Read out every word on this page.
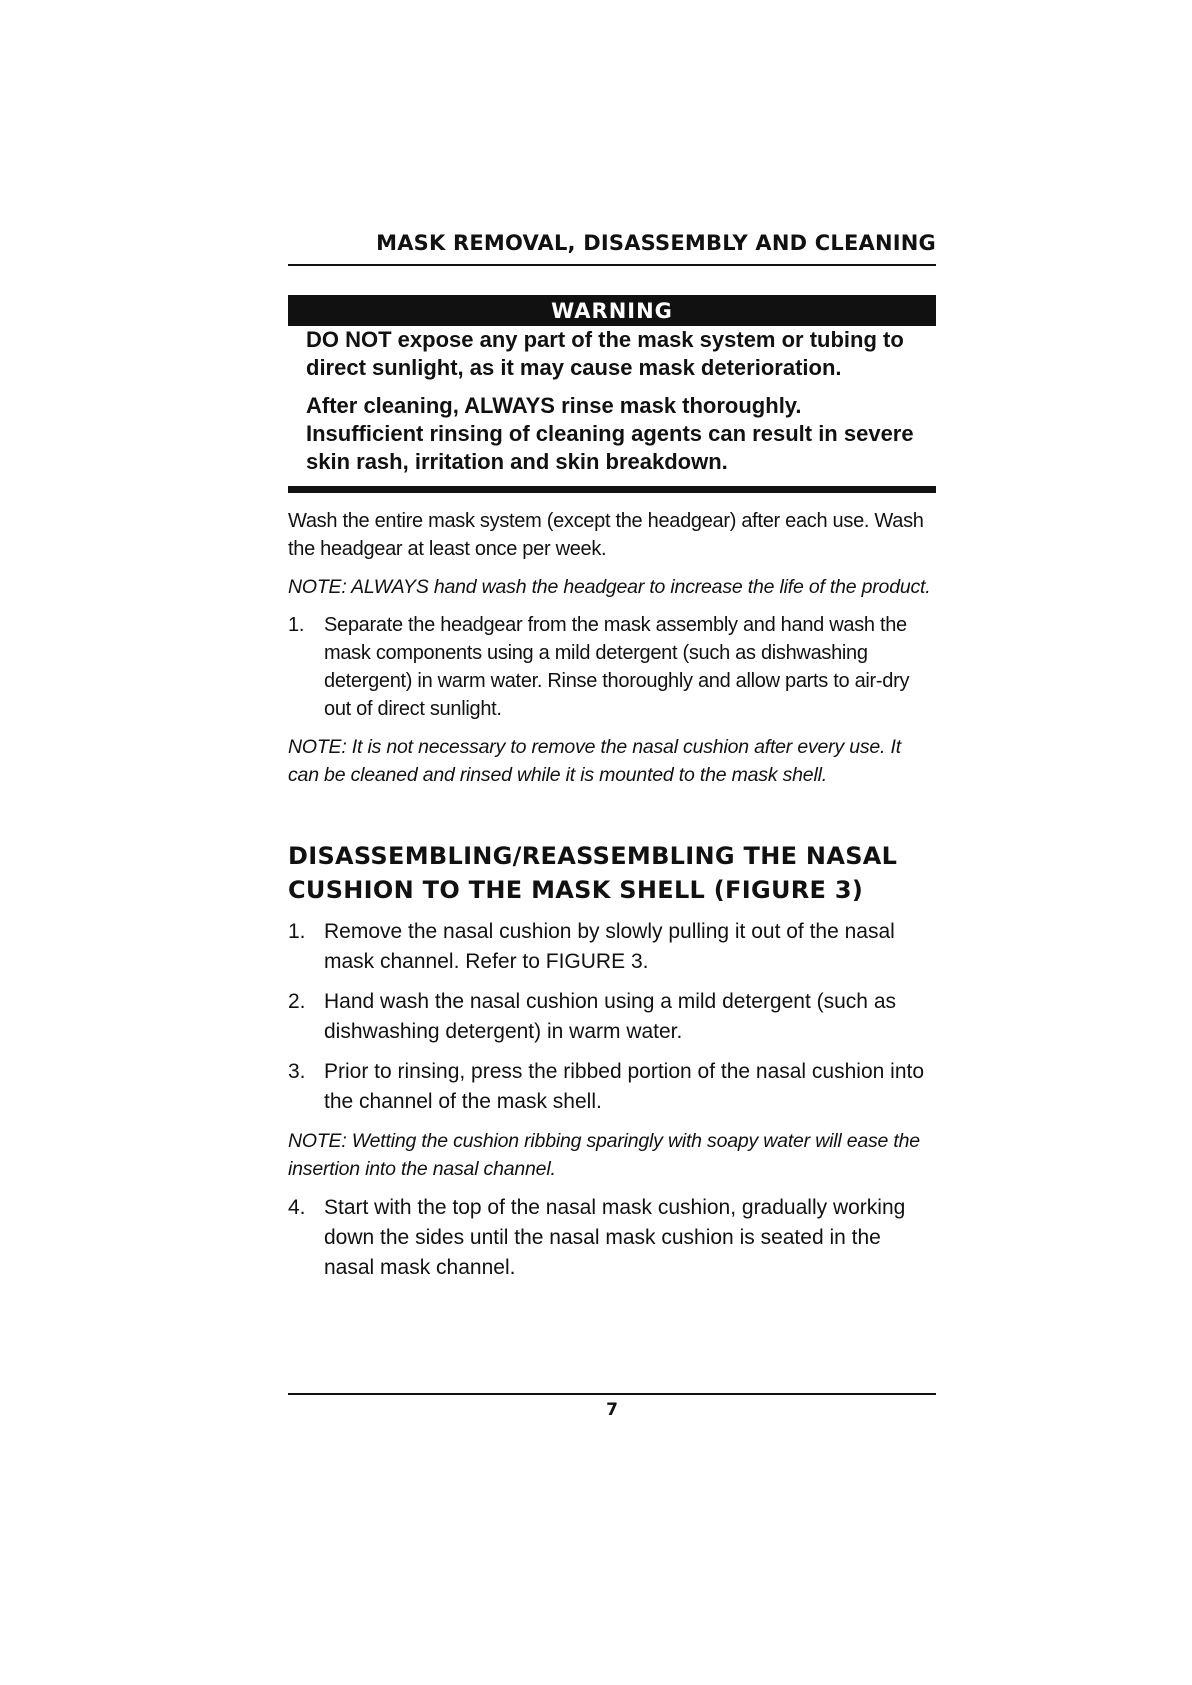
MASK REMOVAL, DISASSEMBLY AND CLEANING
WARNING

DO NOT expose any part of the mask system or tubing to direct sunlight, as it may cause mask deterioration.

After cleaning, ALWAYS rinse mask thoroughly. Insufficient rinsing of cleaning agents can result in severe skin rash, irritation and skin breakdown.

Wash the entire mask system (except the headgear) after each use. Wash the headgear at least once per week.

NOTE: ALWAYS hand wash the headgear to increase the life of the product.

1. Separate the headgear from the mask assembly and hand wash the mask components using a mild detergent (such as dishwashing detergent) in warm water. Rinse thoroughly and allow parts to air-dry out of direct sunlight.

NOTE: It is not necessary to remove the nasal cushion after every use. It can be cleaned and rinsed while it is mounted to the mask shell.

DISASSEMBLING/REASSEMBLING THE NASAL CUSHION TO THE MASK SHELL (FIGURE 3)
1. Remove the nasal cushion by slowly pulling it out of the nasal mask channel. Refer to FIGURE 3.
2. Hand wash the nasal cushion using a mild detergent (such as dishwashing detergent) in warm water.
3. Prior to rinsing, press the ribbed portion of the nasal cushion into the channel of the mask shell.

NOTE: Wetting the cushion ribbing sparingly with soapy water will ease the insertion into the nasal channel.

4. Start with the top of the nasal mask cushion, gradually working down the sides until the nasal mask cushion is seated in the nasal mask channel.
7
